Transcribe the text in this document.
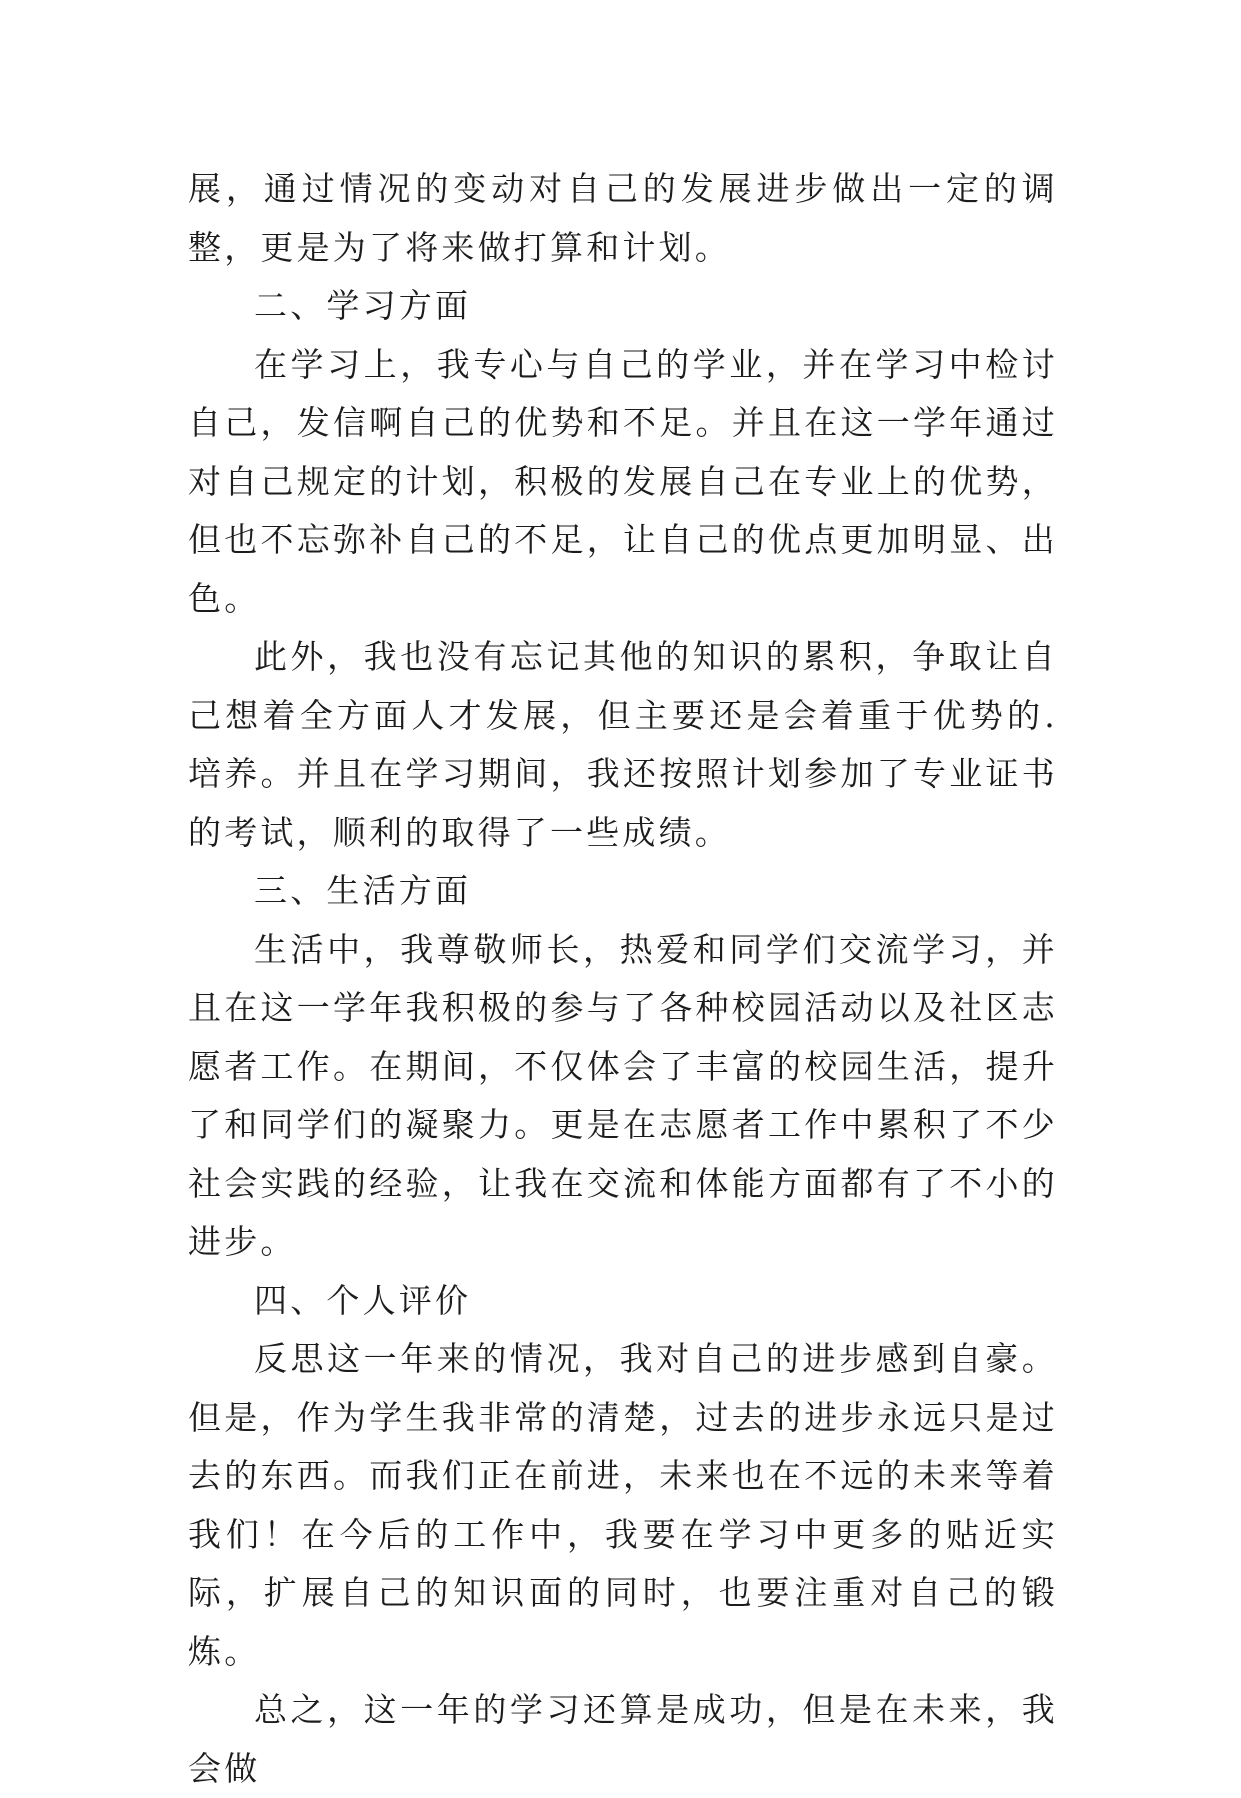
展，通过情况的变动对自己的发展进步做出一定的调整，更是为了将来做打算和计划。

二、学习方面

在学习上，我专心与自己的学业，并在学习中检讨自己，发信啊自己的优势和不足。并且在这一学年通过对自己规定的计划，积极的发展自己在专业上的优势，但也不忘弥补自己的不足，让自己的优点更加明显、出色。

此外，我也没有忘记其他的知识的累积，争取让自己想着全方面人才发展，但主要还是会着重于优势的.培养。并且在学习期间，我还按照计划参加了专业证书的考试，顺利的取得了一些成绩。

三、生活方面

生活中，我尊敬师长，热爱和同学们交流学习，并且在这一学年我积极的参与了各种校园活动以及社区志愿者工作。在期间，不仅体会了丰富的校园生活，提升了和同学们的凝聚力。更是在志愿者工作中累积了不少社会实践的经验，让我在交流和体能方面都有了不小的进步。

四、个人评价

反思这一年来的情况，我对自己的进步感到自豪。但是，作为学生我非常的清楚，过去的进步永远只是过去的东西。而我们正在前进，未来也在不远的未来等着我们！在今后的工作中，我要在学习中更多的贴近实际，扩展自己的知识面的同时，也要注重对自己的锻炼。

总之，这一年的学习还算是成功，但是在未来，我会做
